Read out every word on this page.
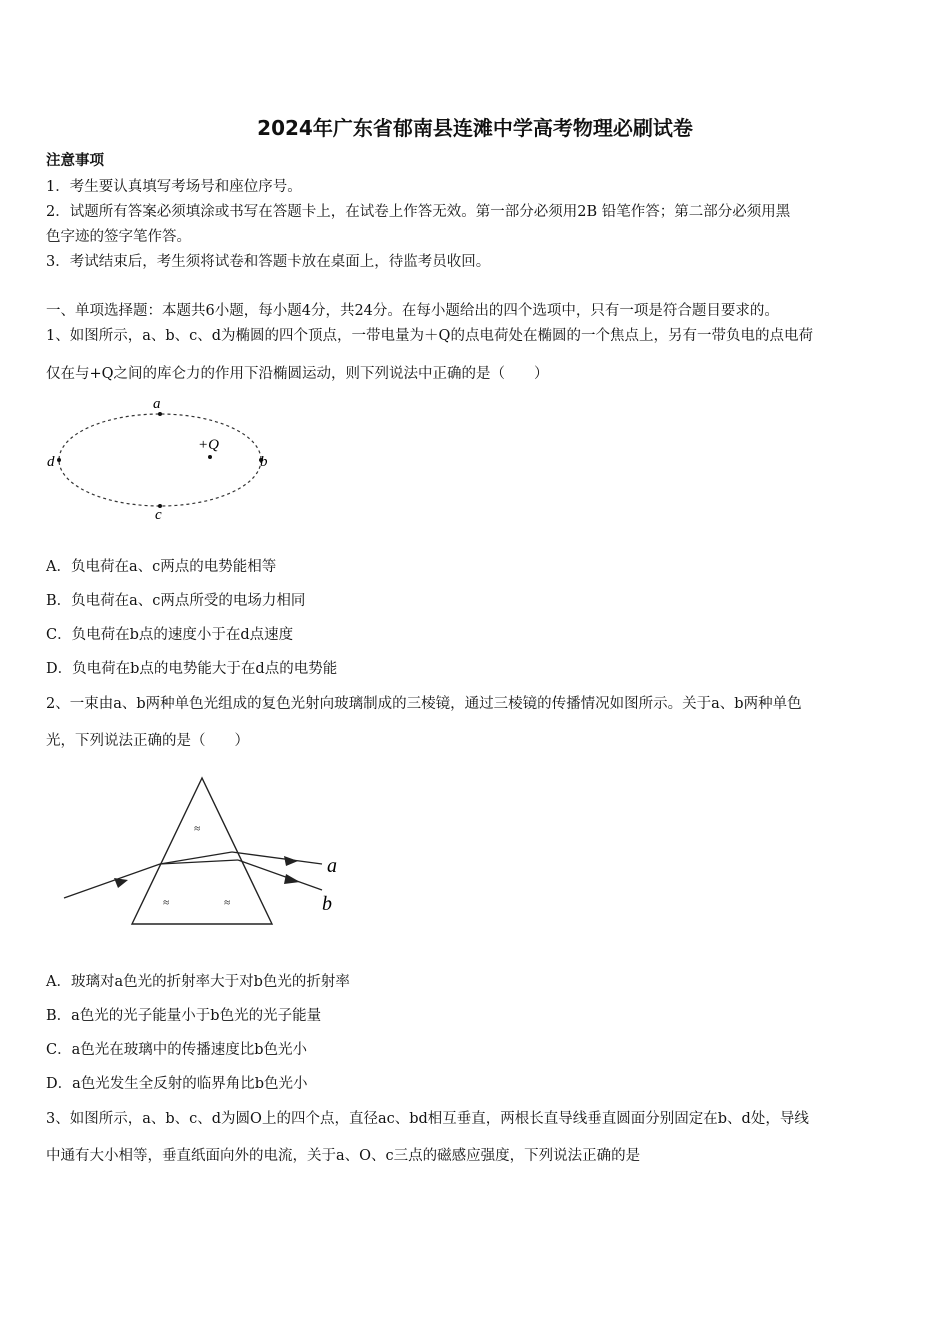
2024年广东省郁南县连滩中学高考物理必刷试卷
注意事项
1．考生要认真填写考场号和座位序号。
2．试题所有答案必须填涂或书写在答题卡上，在试卷上作答无效。第一部分必须用2B 铅笔作答；第二部分必须用黑
色字迹的签字笔作答。
3．考试结束后，考生须将试卷和答题卡放在桌面上，待监考员收回。
一、单项选择题：本题共6小题，每小题4分，共24分。在每小题给出的四个选项中，只有一项是符合题目要求的。
1、如图所示，a、b、c、d为椭圆的四个顶点，一带电量为＋Q的点电荷处在椭圆的一个焦点上，另有一带负电的点电荷
仅在与+Q之间的库仑力的作用下沿椭圆运动，则下列说法中正确的是（　　）
a
b
c
d
+Q
A．负电荷在a、c两点的电势能相等
B．负电荷在a、c两点所受的电场力相同
C．负电荷在b点的速度小于在d点速度
D．负电荷在b点的电势能大于在d点的电势能
2、一束由a、b两种单色光组成的复色光射向玻璃制成的三棱镜，通过三棱镜的传播情况如图所示。关于a、b两种单色
光，下列说法正确的是（　　）
≈
≈	≈
a
b
A．玻璃对a色光的折射率大于对b色光的折射率
B．a色光的光子能量小于b色光的光子能量
C．a色光在玻璃中的传播速度比b色光小
D．a色光发生全反射的临界角比b色光小
3、如图所示，a、b、c、d为圆O上的四个点，直径ac、bd相互垂直，两根长直导线垂直圆面分别固定在b、d处，导线
中通有大小相等，垂直纸面向外的电流，关于a、O、c三点的磁感应强度，下列说法正确的是
